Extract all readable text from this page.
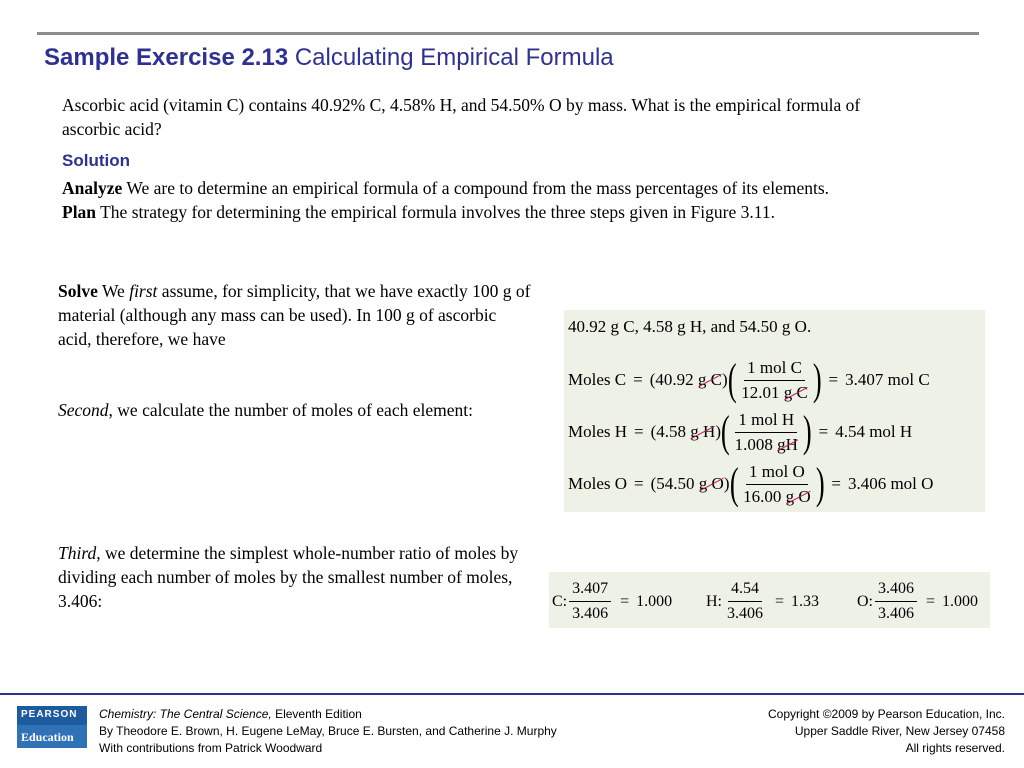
Sample Exercise 2.13 Calculating Empirical Formula
Ascorbic acid (vitamin C) contains 40.92% C, 4.58% H, and 54.50% O by mass. What is the empirical formula of ascorbic acid?
Solution
Analyze We are to determine an empirical formula of a compound from the mass percentages of its elements.
Plan The strategy for determining the empirical formula involves the three steps given in Figure 3.11.
Solve We first assume, for simplicity, that we have exactly 100 g of material (although any mass can be used). In 100 g of ascorbic acid, therefore, we have
Second, we calculate the number of moles of each element:
Third, we determine the simplest whole-number ratio of moles by dividing each number of moles by the smallest number of moles, 3.406:
40.92 g C, 4.58 g H, and 54.50 g O.
Moles C = (40.92
g C ) ( $\frac{\text{1 mol C}}{\text{12.01 g C}}$ ) = 3.407 mol C
Moles H = (4.58
g H ) ( $\frac{\text{1 mol H}}{1.008 gH}$ ) = 4.54 mol H
Moles O = (54.50
g O ) ( $\frac{\text{1 mol O}}{\text{16.00 g O}}$ ) = 3.406 mol O
C: $\frac{3.407}{3.406} = 1.000$ H: $\frac{4.54}{3.406} = 1.33$ O: $\frac{3.406}{3.406} = 1.000$
PEARSON
Education
Chemistry: The Central Science, Eleventh Edition
By Theodore E. Brown, H. Eugene LeMay, Bruce E. Bursten, and Catherine J. Murphy
With contributions from Patrick Woodward
Copyright ©2009 by Pearson Education, Inc.
Upper Saddle River, New Jersey 07458
All rights reserved.
